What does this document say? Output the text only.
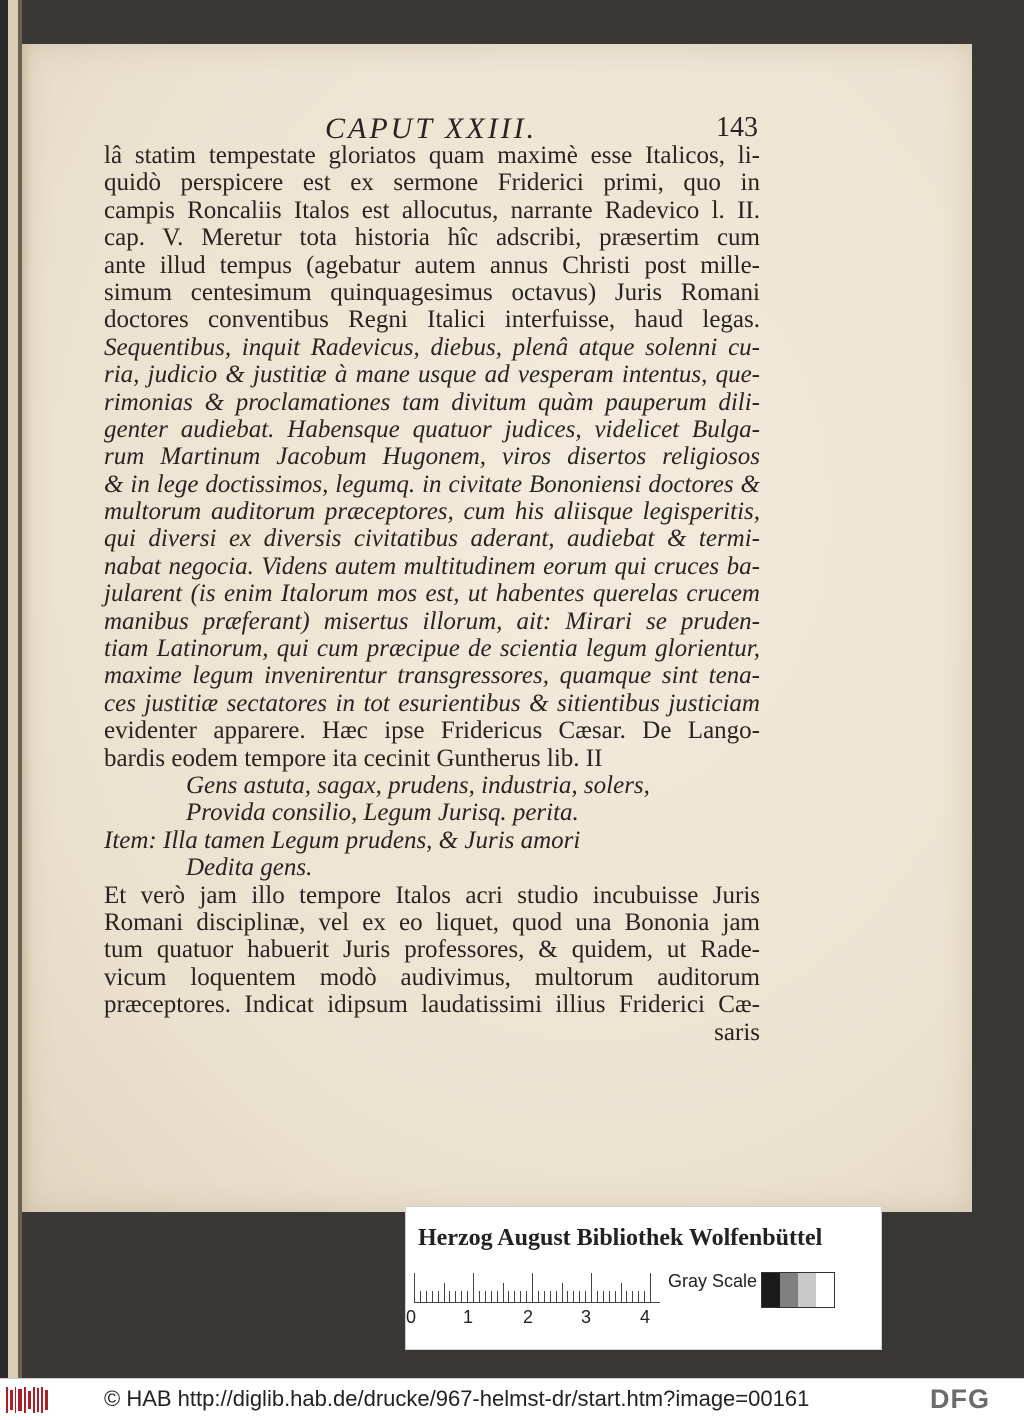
CAPUT XXIII.	143
lâ statim tempestate gloriatos quam maximè esse Italicos, li-
quidò perspicere est ex sermone Friderici primi, quo in
campis Roncaliis Italos est allocutus, narrante Radevico l. II.
cap. V. Meretur tota historia hîc adscribi, præsertim cum
ante illud tempus (agebatur autem annus Christi post mille-
simum centesimum quinquagesimus octavus) Juris Romani
doctores conventibus Regni Italici interfuisse, haud legas.
Sequentibus, inquit Radevicus, diebus, plenâ atque solenni cu-
ria, judicio & justitiæ à mane usque ad vesperam intentus, que-
rimonias & proclamationes tam divitum quàm pauperum dili-
genter audiebat. Habensque quatuor judices, videlicet Bulga-
rum Martinum Jacobum Hugonem, viros disertos religiosos
& in lege doctissimos, legumq. in civitate Bononiensi doctores &
multorum auditorum præceptores, cum his aliisque legisperitis,
qui diversi ex diversis civitatibus aderant, audiebat & termi-
nabat negocia. Videns autem multitudinem eorum qui cruces ba-
jularent (is enim Italorum mos est, ut habentes querelas crucem
manibus præferant) misertus illorum, ait: Mirari se pruden-
tiam Latinorum, qui cum præcipue de scientia legum glorientur,
maxime legum invenirentur transgressores, quamque sint tena-
ces justitiæ sectatores in tot esurientibus & sitientibus justiciam
evidenter apparere. Hæc ipse Fridericus Cæsar. De Lango-
bardis eodem tempore ita cecinit Guntherus lib. II
Gens astuta, sagax, prudens, industria, solers,
Provida consilio, Legum Jurisq. perita.
Item: Illa tamen Legum prudens, & Juris amori
Dedita gens.
Et verò jam illo tempore Italos acri studio incubuisse Juris
Romani disciplinæ, vel ex eo liquet, quod una Bononia jam
tum quatuor habuerit Juris professores, & quidem, ut Rade-
vicum loquentem modò audivimus, multorum auditorum
præceptores. Indicat idipsum laudatissimi illius Friderici Cæ-
saris
Herzog August Bibliothek Wolfenbüttel
0	1	2	3	4
Gray Scale
© HAB http://diglib.hab.de/drucke/967-helmst-dr/start.htm?image=00161	DFG
